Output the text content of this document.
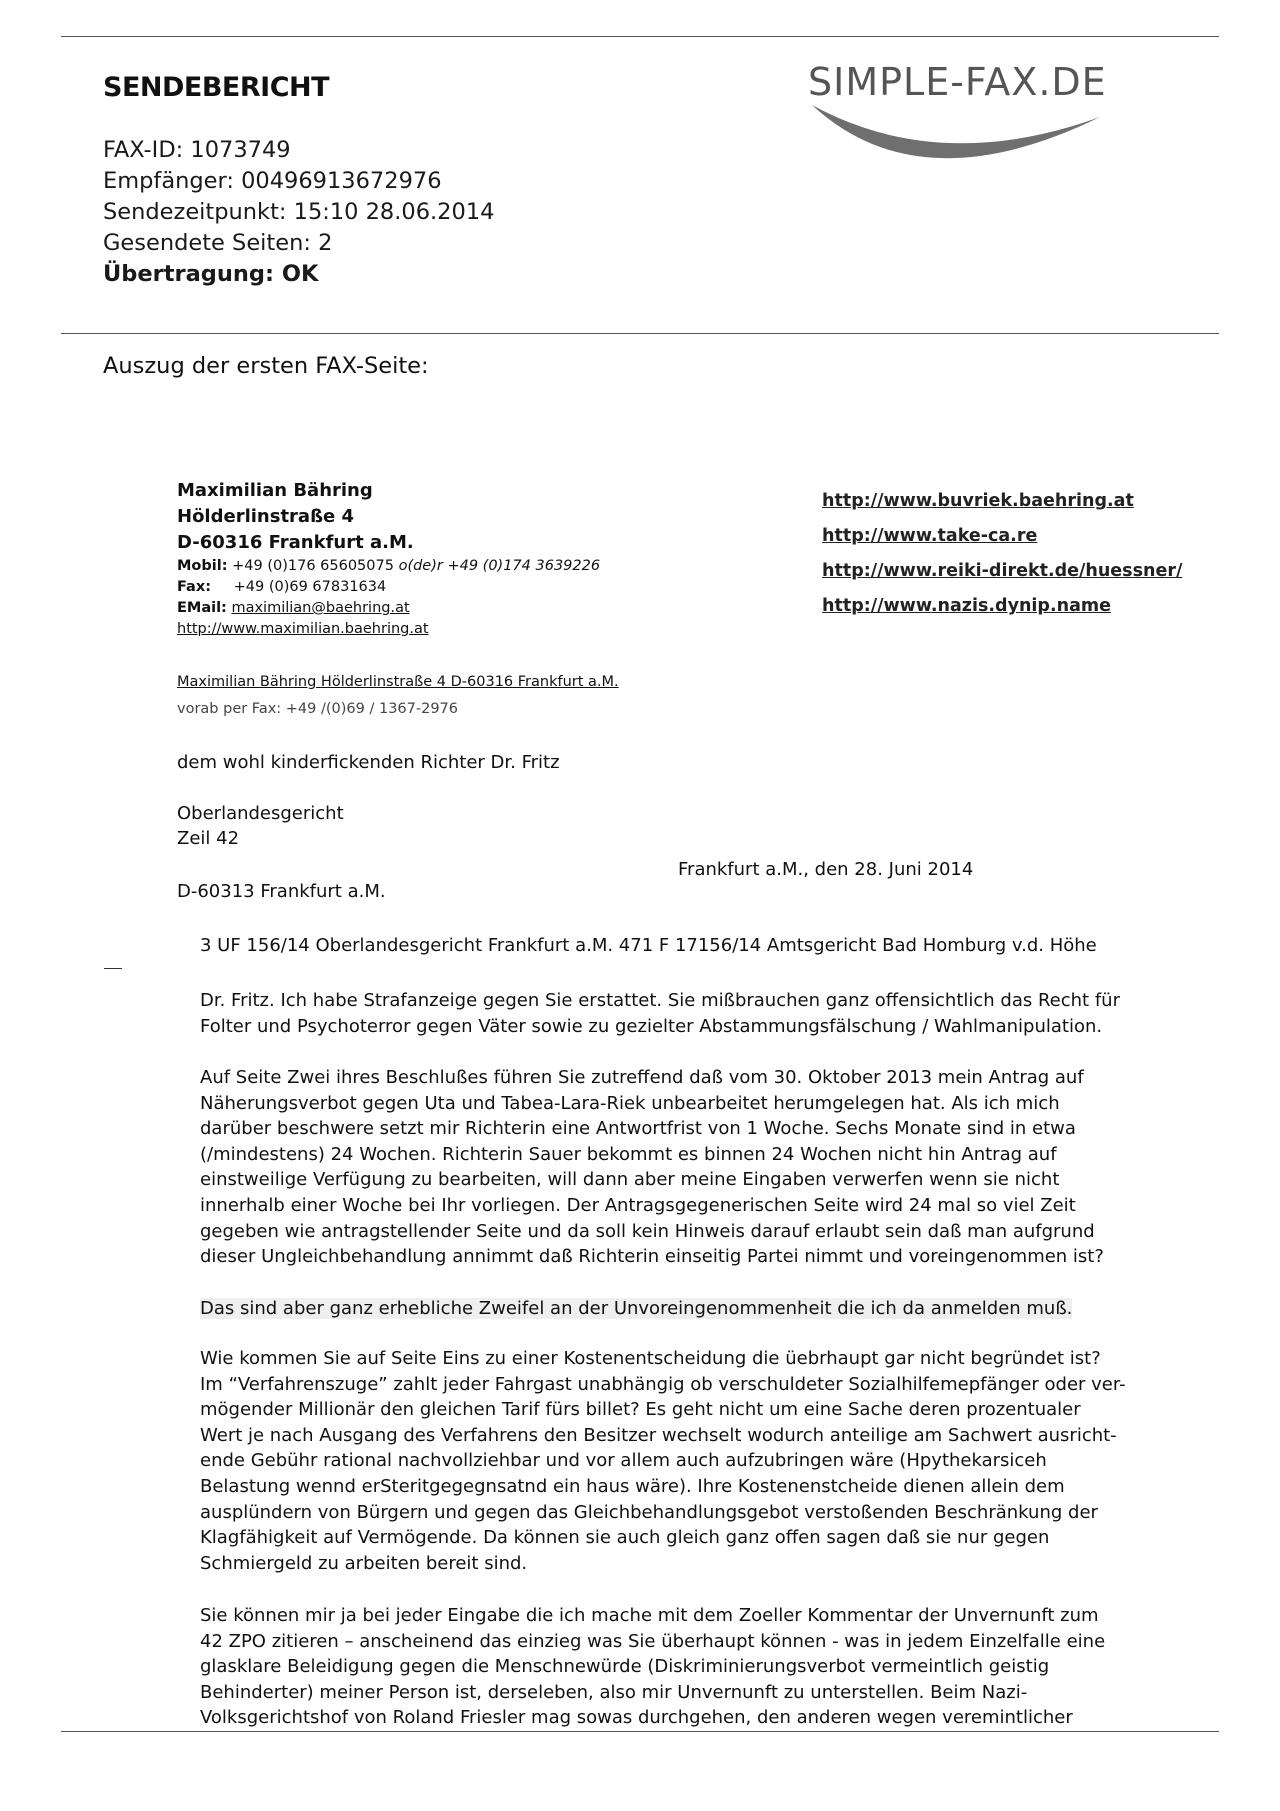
SENDEBERICHT
FAX-ID: 1073749
Empfänger: 00496913672976
Sendezeitpunkt: 15:10 28.06.2014
Gesendete Seiten: 2
Übertragung: OK
SIMPLE-FAX.DE
Auszug der ersten FAX-Seite:
Maximilian Bähring
Hölderlinstraße 4
D-60316 Frankfurt a.M.
Mobil: +49 (0)176 65605075 o(de)r +49 (0)174 3639226
Fax: +49 (0)69 67831634
EMail: maximilian@baehring.at
http://www.maximilian.baehring.at
http://www.buvriek.baehring.at
http://www.take-ca.re
http://www.reiki-direkt.de/huessner/
http://www.nazis.dynip.name
Maximilian Bähring Hölderlinstraße 4 D-60316 Frankfurt a.M.
vorab per Fax: +49 /(0)69 / 1367-2976
dem wohl kinderfickenden Richter Dr. Fritz
Oberlandesgericht
Zeil 42
Frankfurt a.M., den 28. Juni 2014
D-60313 Frankfurt a.M.
3 UF 156/14 Oberlandesgericht Frankfurt a.M. 471 F 17156/14 Amtsgericht Bad Homburg v.d. Höhe
Dr. Fritz. Ich habe Strafanzeige gegen Sie erstattet. Sie mißbrauchen ganz offensichtlich das Recht für
Folter und Psychoterror gegen Väter sowie zu gezielter Abstammungsfälschung / Wahlmanipulation.
Auf Seite Zwei ihres Beschlußes führen Sie zutreffend daß vom 30. Oktober 2013 mein Antrag auf
Näherungsverbot gegen Uta und Tabea-Lara-Riek unbearbeitet herumgelegen hat. Als ich mich
darüber beschwere setzt mir Richterin eine Antwortfrist von 1 Woche. Sechs Monate sind in etwa
(/mindestens) 24 Wochen. Richterin Sauer bekommt es binnen 24 Wochen nicht hin Antrag auf
einstweilige Verfügung zu bearbeiten, will dann aber meine Eingaben verwerfen wenn sie nicht
innerhalb einer Woche bei Ihr vorliegen. Der Antragsgegenerischen Seite wird 24 mal so viel Zeit
gegeben wie antragstellender Seite und da soll kein Hinweis darauf erlaubt sein daß man aufgrund
dieser Ungleichbehandlung annimmt daß Richterin einseitig Partei nimmt und voreingenommen ist?
Das sind aber ganz erhebliche Zweifel an der Unvoreingenommenheit die ich da anmelden muß.
Wie kommen Sie auf Seite Eins zu einer Kostenentscheidung die üebrhaupt gar nicht begründet ist?
Im “Verfahrenszuge” zahlt jeder Fahrgast unabhängig ob verschuldeter Sozialhilfemepfänger oder ver-
mögender Millionär den gleichen Tarif fürs billet? Es geht nicht um eine Sache deren prozentualer
Wert je nach Ausgang des Verfahrens den Besitzer wechselt wodurch anteilige am Sachwert ausricht-
ende Gebühr rational nachvollziehbar und vor allem auch aufzubringen wäre (Hpythekarsiceh
Belastung wennd erSteritgegegnsatnd ein haus wäre). Ihre Kostenenstcheide dienen allein dem
ausplündern von Bürgern und gegen das Gleichbehandlungsgebot verstoßenden Beschränkung der
Klagfähigkeit auf Vermögende. Da können sie auch gleich ganz offen sagen daß sie nur gegen
Schmiergeld zu arbeiten bereit sind.
Sie können mir ja bei jeder Eingabe die ich mache mit dem Zoeller Kommentar der Unvernunft zum
42 ZPO zitieren – anscheinend das einzieg was Sie überhaupt können - was in jedem Einzelfalle eine
glasklare Beleidigung gegen die Menschnewürde (Diskriminierungsverbot vermeintlich geistig
Behinderter) meiner Person ist, derseleben, also mir Unvernunft zu unterstellen. Beim Nazi-
Volksgerichtshof von Roland Friesler mag sowas durchgehen, den anderen wegen veremintlicher
